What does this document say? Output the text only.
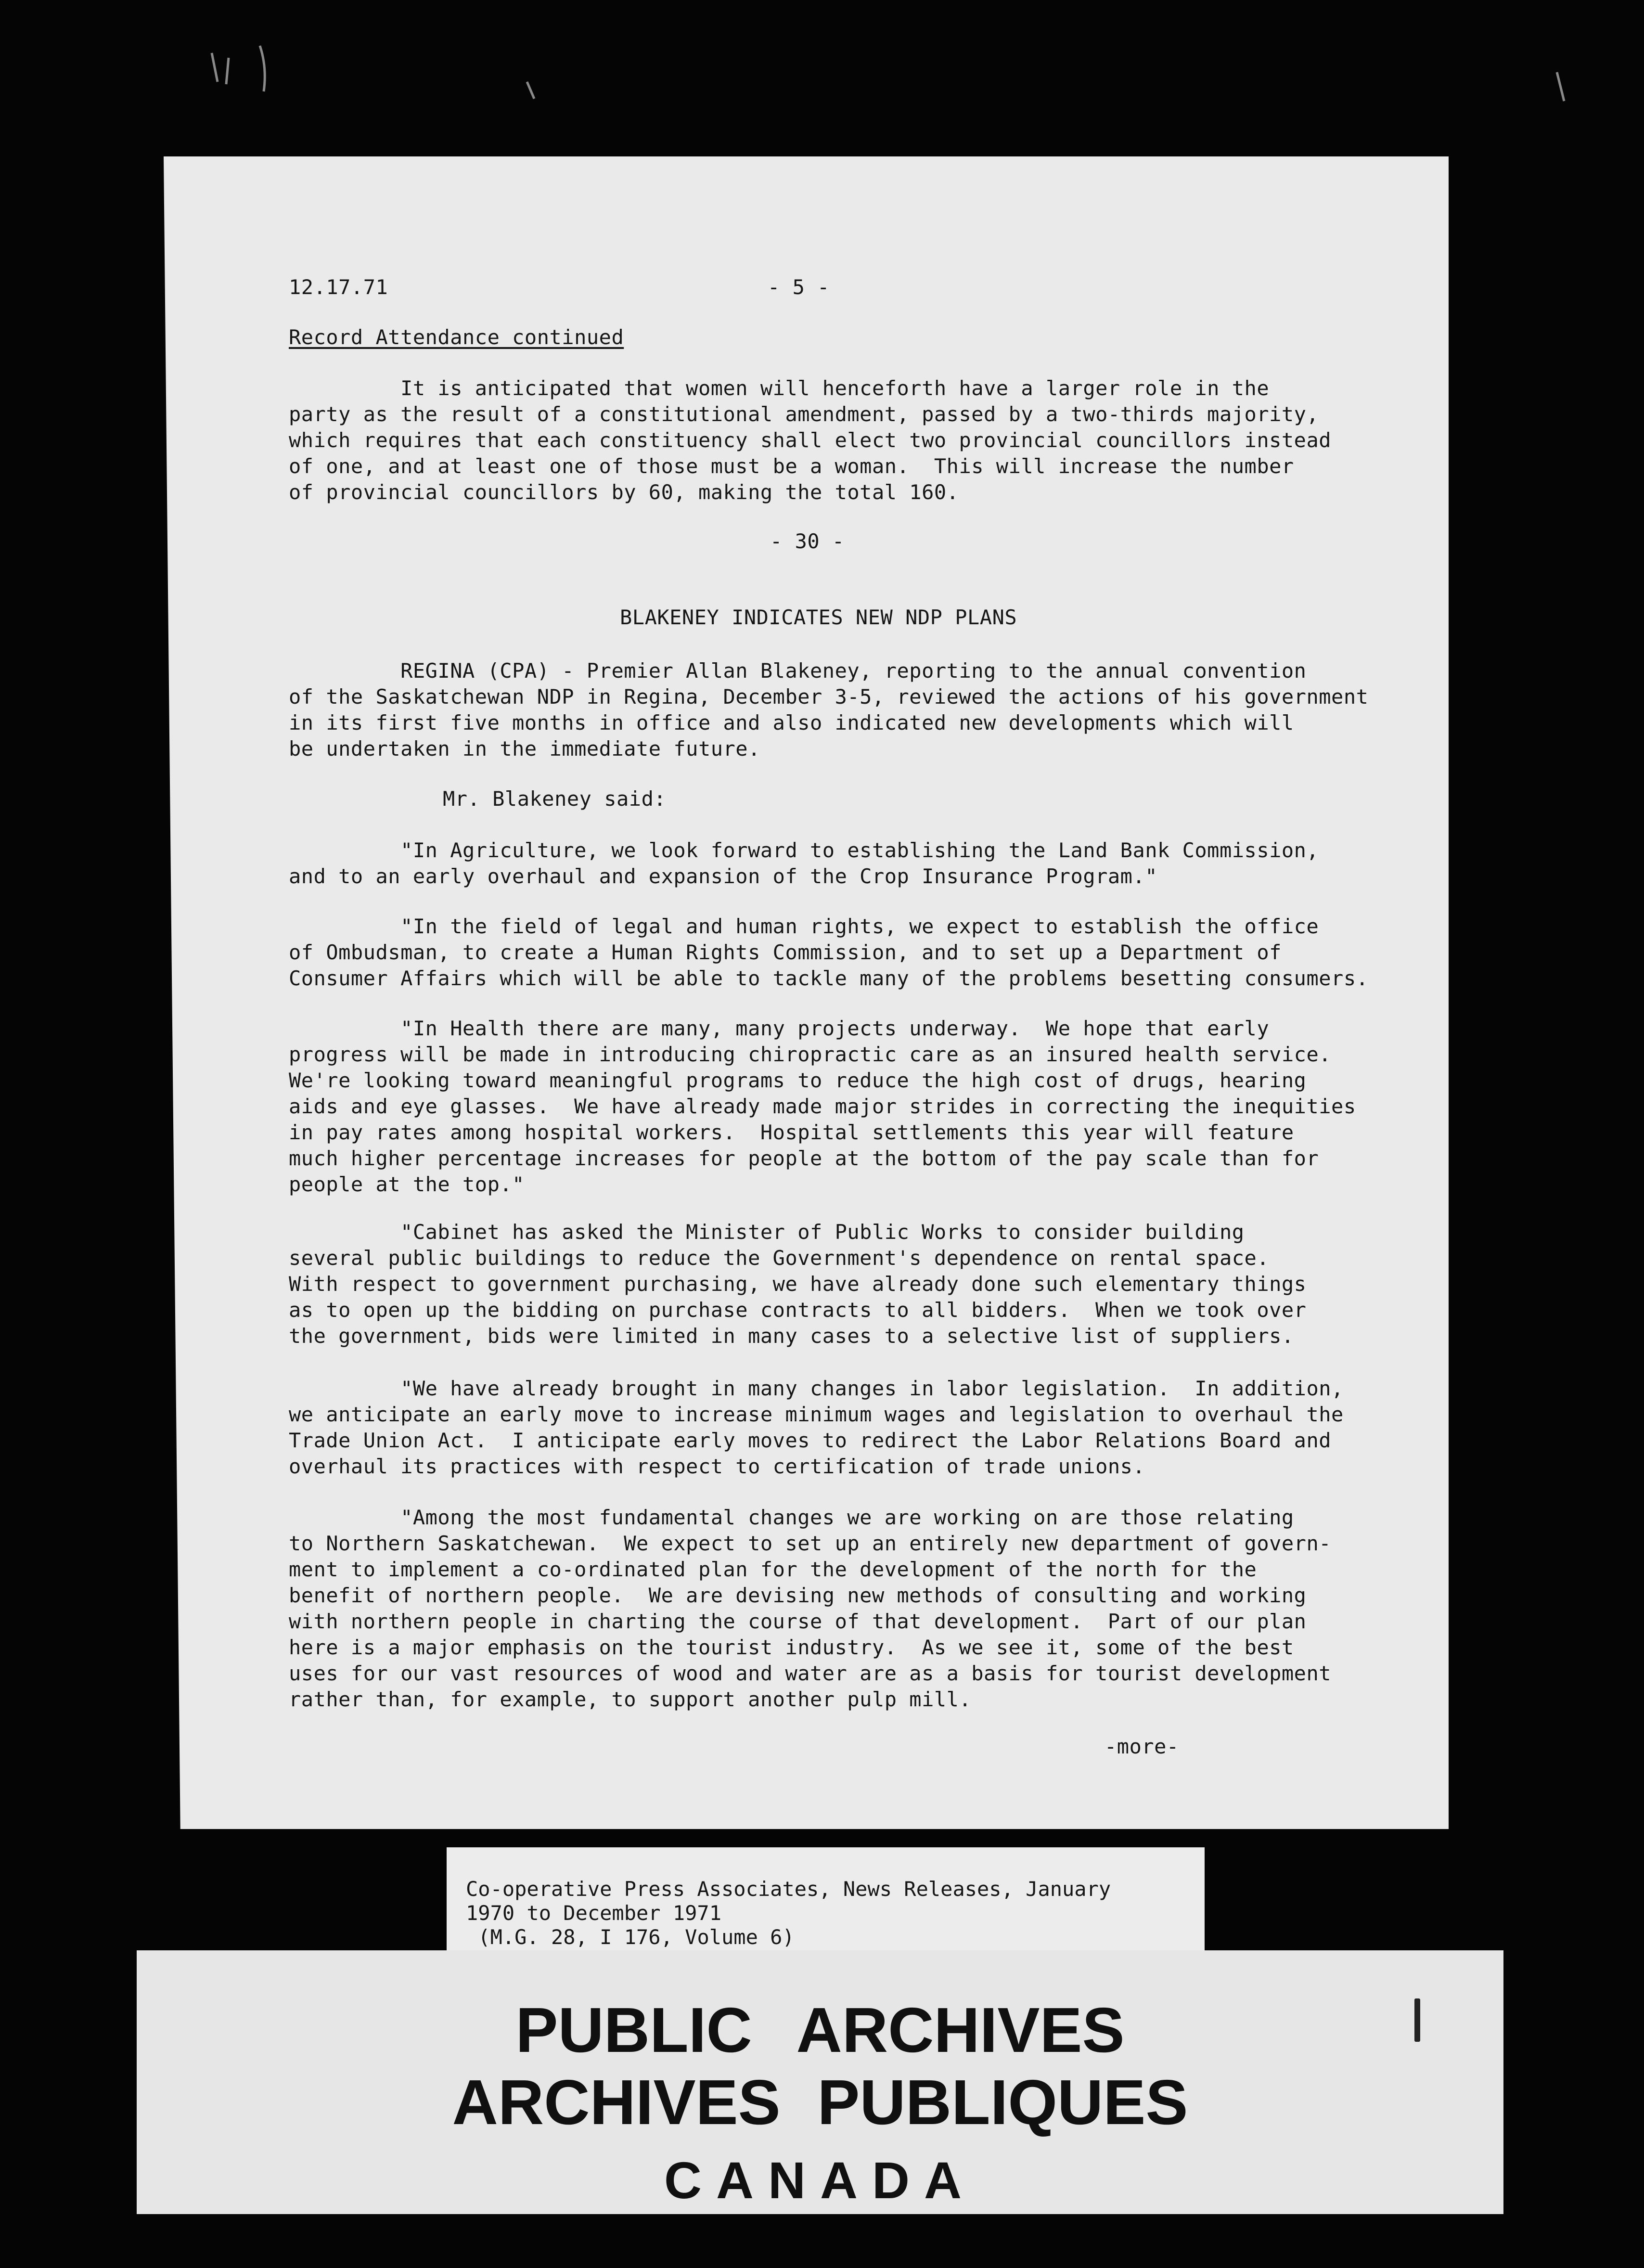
12.17.71	- 5 -
Record Attendance continued
It is anticipated that women will henceforth have a larger role in the
party as the result of a constitutional amendment, passed by a two-thirds majority,
which requires that each constituency shall elect two provincial councillors instead
of one, and at least one of those must be a woman.  This will increase the number
of provincial councillors by 60, making the total 160.
- 30 -
BLAKENEY INDICATES NEW NDP PLANS
REGINA (CPA) - Premier Allan Blakeney, reporting to the annual convention
of the Saskatchewan NDP in Regina, December 3-5, reviewed the actions of his government
in its first five months in office and also indicated new developments which will
be undertaken in the immediate future.
Mr. Blakeney said:
"In Agriculture, we look forward to establishing the Land Bank Commission,
and to an early overhaul and expansion of the Crop Insurance Program."
"In the field of legal and human rights, we expect to establish the office
of Ombudsman, to create a Human Rights Commission, and to set up a Department of
Consumer Affairs which will be able to tackle many of the problems besetting consumers.
"In Health there are many, many projects underway.  We hope that early
progress will be made in introducing chiropractic care as an insured health service.
We're looking toward meaningful programs to reduce the high cost of drugs, hearing
aids and eye glasses.  We have already made major strides in correcting the inequities
in pay rates among hospital workers.  Hospital settlements this year will feature
much higher percentage increases for people at the bottom of the pay scale than for
people at the top."
"Cabinet has asked the Minister of Public Works to consider building
several public buildings to reduce the Government's dependence on rental space.
With respect to government purchasing, we have already done such elementary things
as to open up the bidding on purchase contracts to all bidders.  When we took over
the government, bids were limited in many cases to a selective list of suppliers.
"We have already brought in many changes in labor legislation.  In addition,
we anticipate an early move to increase minimum wages and legislation to overhaul the
Trade Union Act.  I anticipate early moves to redirect the Labor Relations Board and
overhaul its practices with respect to certification of trade unions.
"Among the most fundamental changes we are working on are those relating
to Northern Saskatchewan.  We expect to set up an entirely new department of govern-
ment to implement a co-ordinated plan for the development of the north for the
benefit of northern people.  We are devising new methods of consulting and working
with northern people in charting the course of that development.  Part of our plan
here is a major emphasis on the tourist industry.  As we see it, some of the best
uses for our vast resources of wood and water are as a basis for tourist development
rather than, for example, to support another pulp mill.
-more-
Co-operative Press Associates, News Releases, January
1970 to December 1971
(M.G. 28, I 176, Volume 6)
PUBLIC ARCHIVES
ARCHIVES PUBLIQUES
CANADA
